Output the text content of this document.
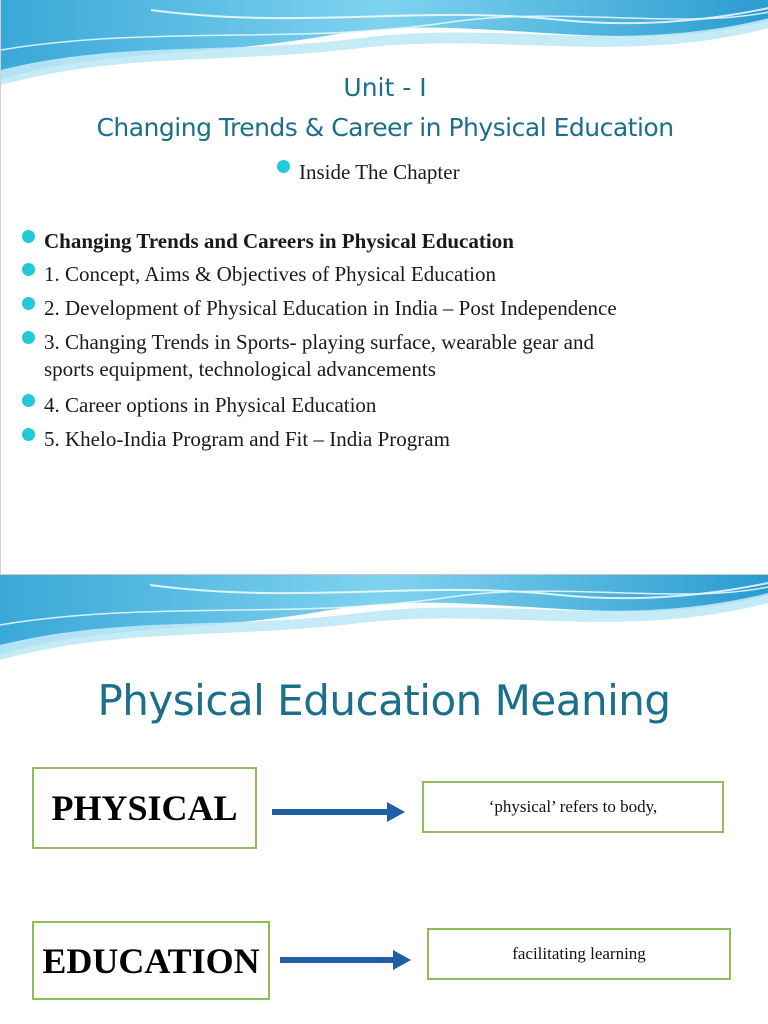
Unit - I
Changing Trends & Career in Physical Education
Inside The Chapter
Changing Trends and Careers in Physical Education
1. Concept, Aims & Objectives of Physical Education
2. Development of Physical Education in India – Post Independence
3. Changing Trends in Sports- playing surface, wearable gear and
sports equipment, technological advancements
4. Career options in Physical Education
5. Khelo-India Program and Fit – India Program
Physical Education Meaning
PHYSICAL	‘physical’ refers to body,
EDUCATION	facilitating learning
